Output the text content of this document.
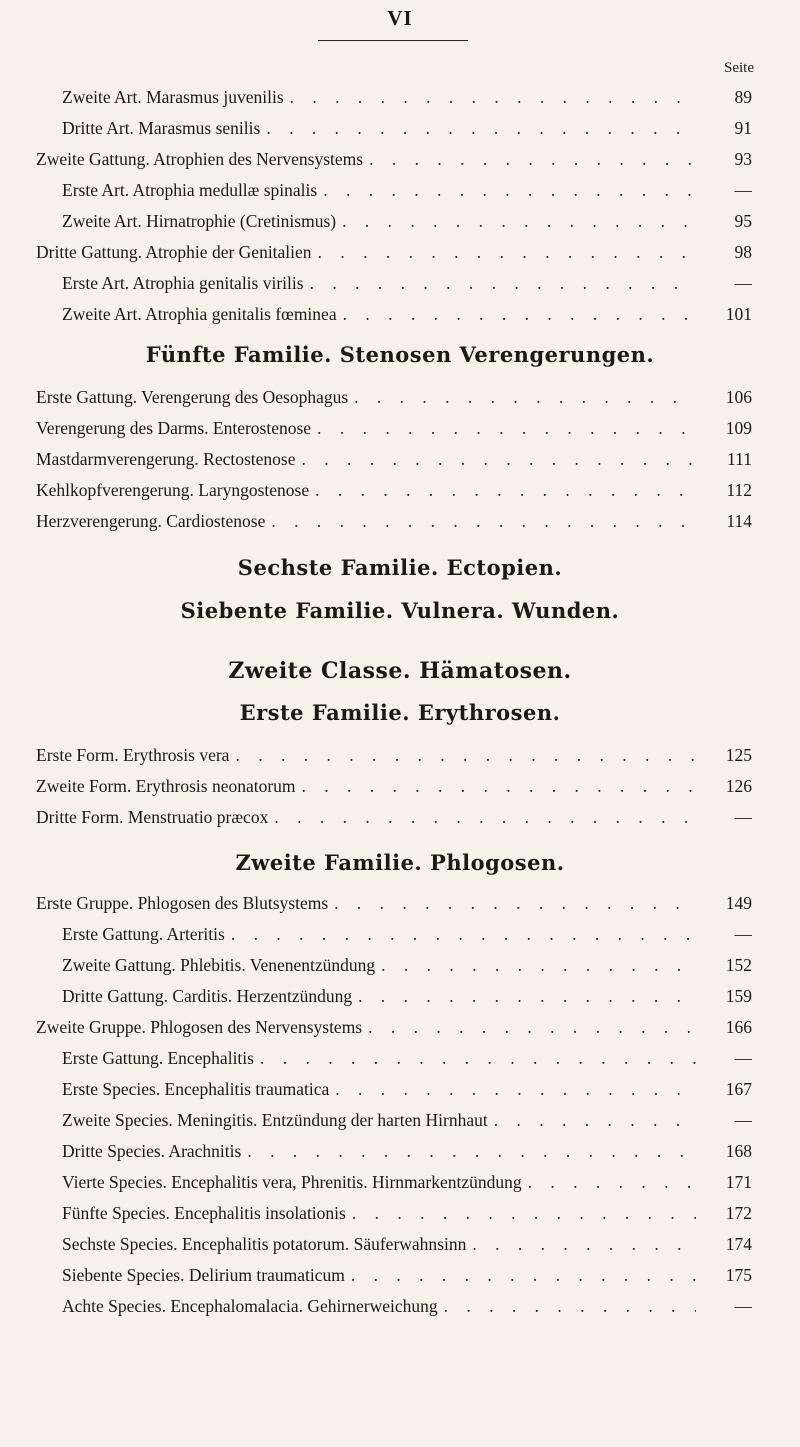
VI
Seite
Zweite Art. Marasmus juvenilis . . .	89
Dritte Art. Marasmus senilis . . .	91
Zweite Gattung. Atrophien des Nervensystems . . .	93
Erste Art. Atrophia medullæ spinalis . . .	—
Zweite Art. Hirnatrophie (Cretinismus) . . .	95
Dritte Gattung. Atrophie der Genitalien . . .	98
Erste Art. Atrophia genitalis virilis . . .	—
Zweite Art. Atrophia genitalis fœminea . . .	101
Fünfte Familie. Stenosen Verengerungen.
Erste Gattung. Verengerung des Oesophagus . . .	106
Verengerung des Darms. Enterostenose . . .	109
Mastdarmverengerung. Rectostenose . . .	111
Kehlkopfverengerung. Laryngostenose . . .	112
Herzverengerung. Cardiostenose . . .	114
Sechste Familie. Ectopien.
Siebente Familie. Vulnera. Wunden.
Zweite Classe. Hämatosen.
Erste Familie. Erythrosen.
Erste Form. Erythrosis vera . . .	125
Zweite Form. Erythrosis neonatorum . . .	126
Dritte Form. Menstruatio præcox . . .	—
Zweite Familie. Phlogosen.
Erste Gruppe. Phlogosen des Blutsystems . . .	149
Erste Gattung. Arteritis . . .	—
Zweite Gattung. Phlebitis. Venenentzündung . . .	152
Dritte Gattung. Carditis. Herzentzündung . . .	159
Zweite Gruppe. Phlogosen des Nervensystems . . .	166
Erste Gattung. Encephalitis . . .	—
Erste Species. Encephalitis traumatica . . .	167
Zweite Species. Meningitis. Entzündung der harten Hirnhaut . . .	—
Dritte Species. Arachnitis . . .	168
Vierte Species. Encephalitis vera, Phrenitis. Hirnmarkentzündung . . .	171
Fünfte Species. Encephalitis insolationis . . .	172
Sechste Species. Encephalitis potatorum. Säuferwahnsinn . . .	174
Siebente Species. Delirium traumaticum . . .	175
Achte Species. Encephalomalacia. Gehirnerweichung . . .	—
